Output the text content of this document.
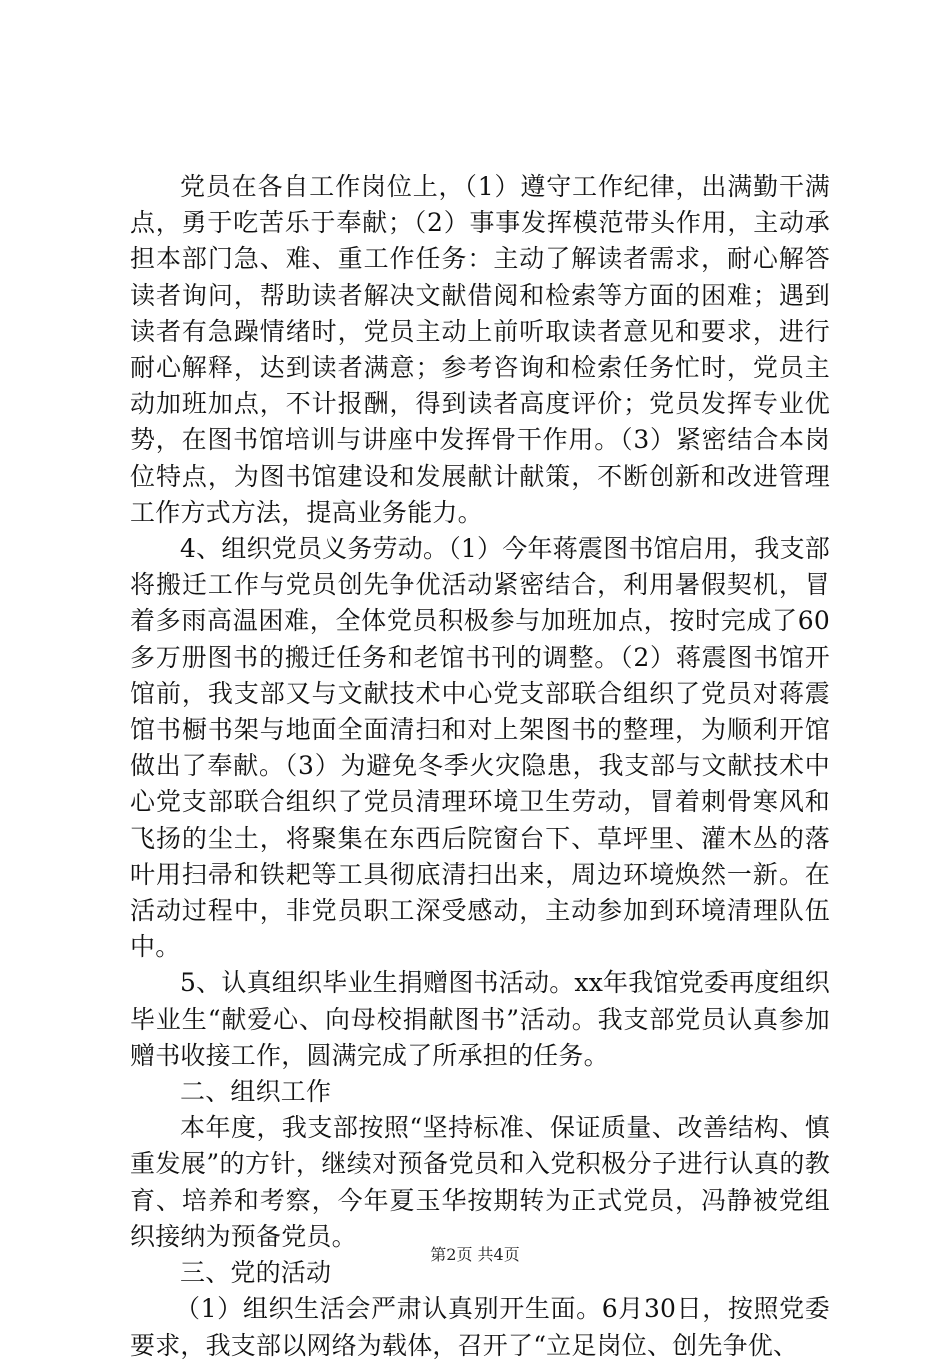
党员在各自工作岗位上，（1）遵守工作纪律，出满勤干满点，勇于吃苦乐于奉献；（2）事事发挥模范带头作用，主动承担本部门急、难、重工作任务：主动了解读者需求，耐心解答读者询问，帮助读者解决文献借阅和检索等方面的困难；遇到读者有急躁情绪时，党员主动上前听取读者意见和要求，进行耐心解释，达到读者满意；参考咨询和检索任务忙时，党员主动加班加点，不计报酬，得到读者高度评价；党员发挥专业优势，在图书馆培训与讲座中发挥骨干作用。（3）紧密结合本岗位特点，为图书馆建设和发展献计献策，不断创新和改进管理工作方式方法，提高业务能力。

4、组织党员义务劳动。（1）今年蒋震图书馆启用，我支部将搬迁工作与党员创先争优活动紧密结合，利用暑假契机，冒着多雨高温困难，全体党员积极参与加班加点，按时完成了60多万册图书的搬迁任务和老馆书刊的调整。（2）蒋震图书馆开馆前，我支部又与文献技术中心党支部联合组织了党员对蒋震馆书橱书架与地面全面清扫和对上架图书的整理，为顺利开馆做出了奉献。（3）为避免冬季火灾隐患，我支部与文献技术中心党支部联合组织了党员清理环境卫生劳动，冒着刺骨寒风和飞扬的尘土，将聚集在东西后院窗台下、草坪里、灌木丛的落叶用扫帚和铁耙等工具彻底清扫出来，周边环境焕然一新。在活动过程中，非党员职工深受感动，主动参加到环境清理队伍中。

5、认真组织毕业生捐赠图书活动。xx年我馆党委再度组织毕业生“献爱心、向母校捐献图书”活动。我支部党员认真参加赠书收接工作，圆满完成了所承担的任务。

二、组织工作

本年度，我支部按照“坚持标准、保证质量、改善结构、慎重发展”的方针，继续对预备党员和入党积极分子进行认真的教育、培养和考察，今年夏玉华按期转为正式党员，冯静被党组织接纳为预备党员。

三、党的活动

（1）组织生活会严肃认真别开生面。6月30日，按照党委要求，我支部以网络为载体，召开了“立足岗位、创先争优、

第2页 共4页
